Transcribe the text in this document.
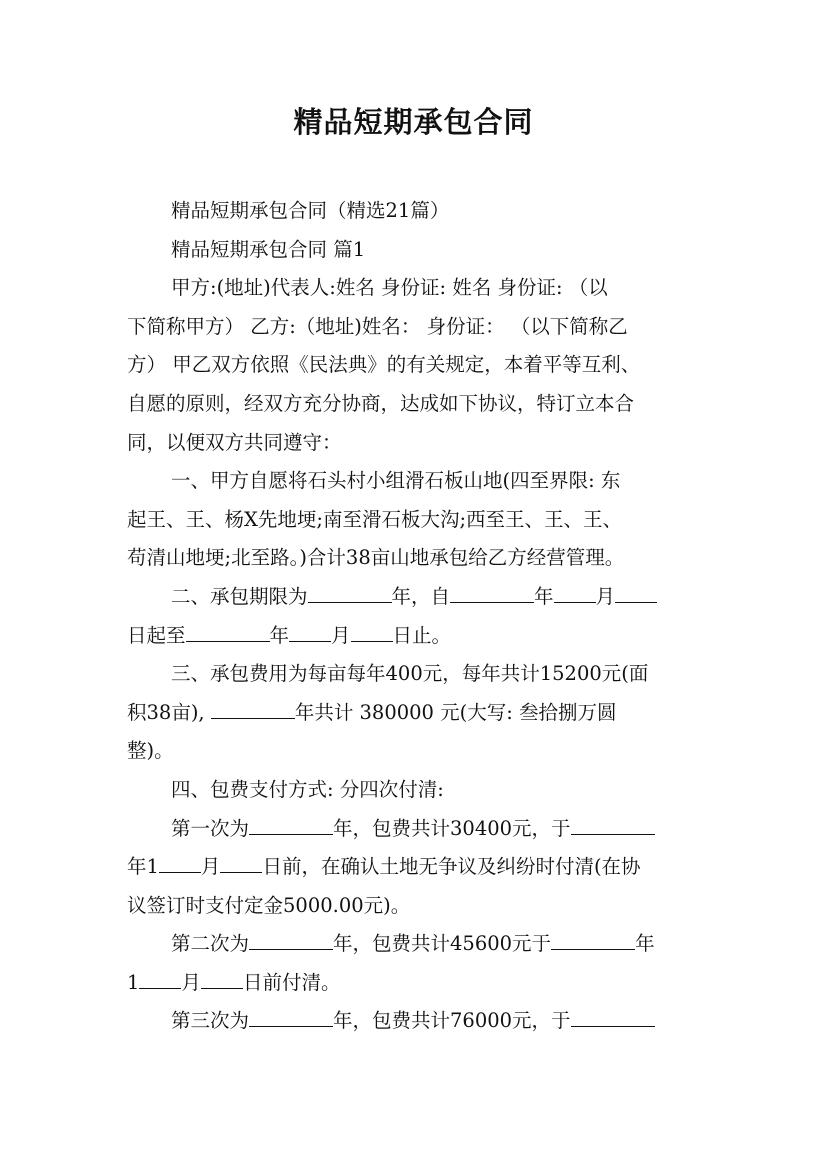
精品短期承包合同
精品短期承包合同（精选21篇）
精品短期承包合同 篇1
甲方:(地址)代表人:姓名 身份证: 姓名 身份证: （以
下简称甲方） 乙方:（地址)姓名： 身份证： （以下简称乙
方） 甲乙双方依照《民法典》的有关规定，本着平等互利、
自愿的原则，经双方充分协商，达成如下协议，特订立本合
同，以便双方共同遵守：
一、甲方自愿将石头村小组滑石板山地(四至界限: 东
起王、王、杨X先地埂;南至滑石板大沟;西至王、王、王、
苟清山地埂;北至路。)合计38亩山地承包给乙方经营管理。
二、承包期限为	年，自	年 月
日起至	年 月 日止。
三、承包费用为每亩每年400元，每年共计15200元(面
积38亩),	年共计 380000 元(大写: 叁拾捌万圆
整)。
四、包费支付方式: 分四次付清:
第一次为	年，包费共计30400元，于
年1 月 日前，在确认土地无争议及纠纷时付清(在协
议签订时支付定金5000.00元)。
第二次为	年，包费共计45600元于	年
1 月 日前付清。
第三次为	年，包费共计76000元，于
